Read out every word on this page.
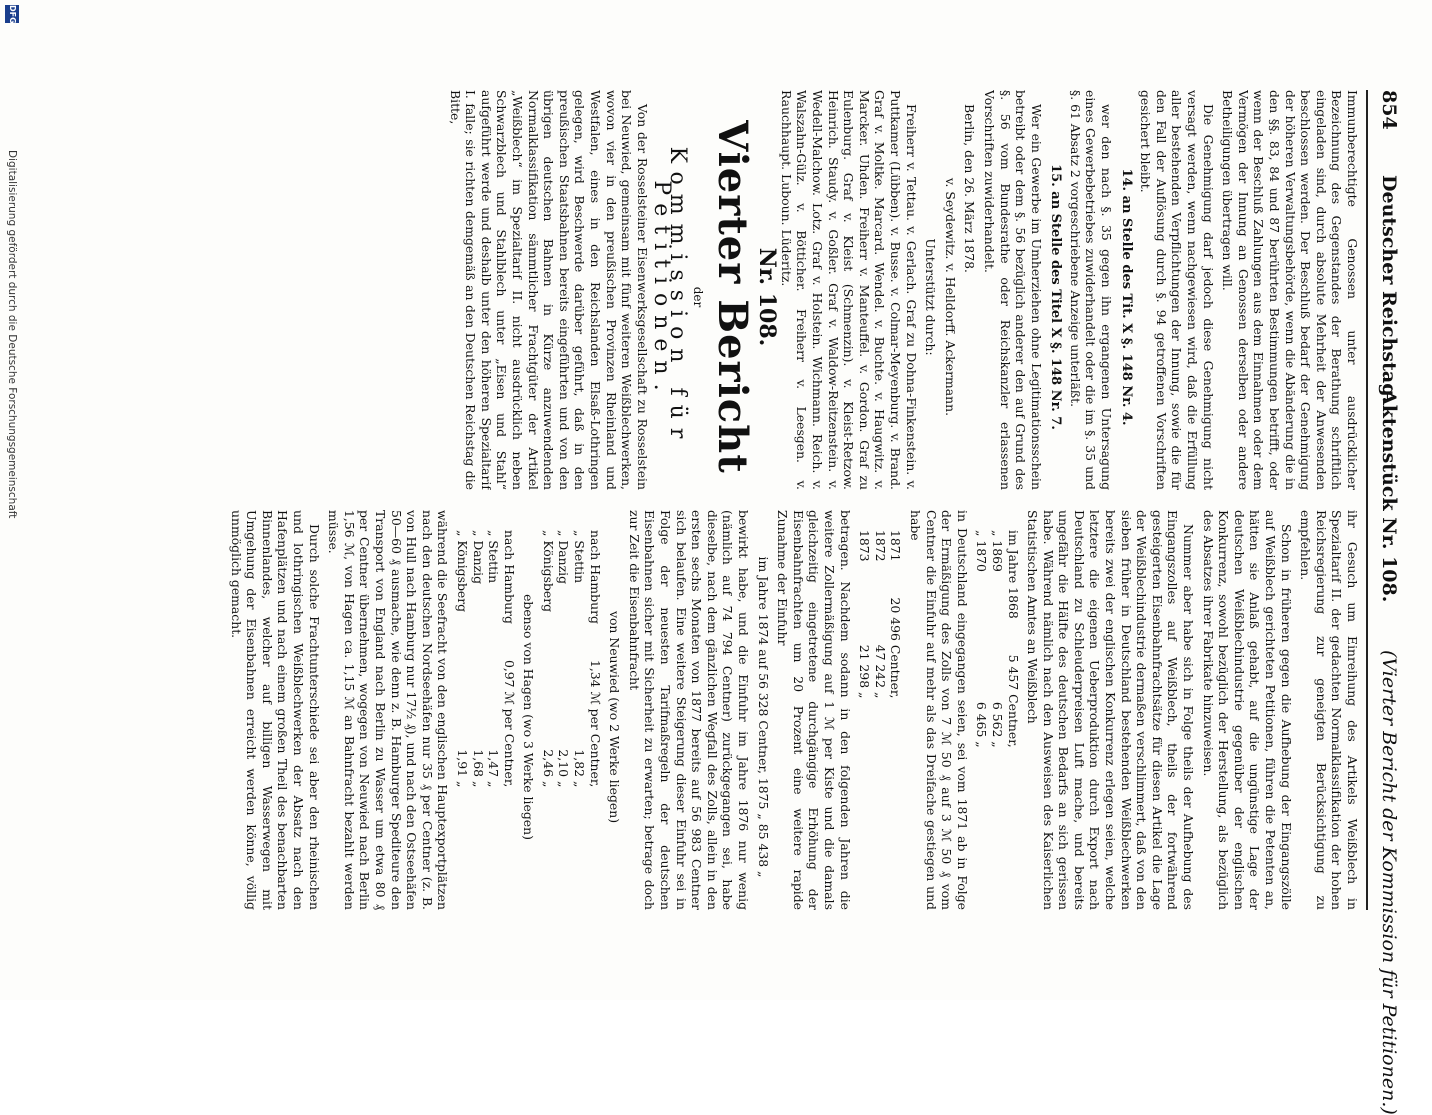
854
Deutscher Reichstag.
Aktenstück Nr. 108.
(Vierter Bericht der Kommission für Petitionen.)

Immunberechtigte Genossen unter ausdrücklicher Bezeichnung des Gegenstandes der Berathung schriftlich eingeladen sind, durch absolute Mehrheit der Anwesenden beschlossen werden. Der Beschluß bedarf der Genehmigung der höheren Verwaltungsbehörde, wenn die Abänderung die in den §§. 83, 84 und 87 berührten Bestimmungen betrifft, oder wenn der Beschluß Zahlungen aus dem Einnahmen oder dem Vermögen der Innung an Genossen derselben oder andere Betheiligungen übertragen will.

Die Genehmigung darf jedoch diese Genehmigung nicht versagt werden, wenn nachgewiesen wird, daß die Erfüllung aller bestehenden Verpflichtungen der Innung, sowie die für den Fall der Auflösung durch §. 94 getroffenen Vorschriften gesichert bleibt.

14. an Stelle des Tit. X §. 148 Nr. 4.

wer den nach §. 35 gegen ihn ergangenen Untersagung eines Gewerbebetriebes zuwiderhandelt oder die im §. 35 und §. 61 Absatz 2 vorgeschriebene Anzeige unterläßt.

15. an Stelle des Titel X §. 148 Nr. 7.

Wer ein Gewerbe im Umherziehen ohne Legitimationsschein betreibt oder dem §. 56 bezüglich anderer den auf Grund des §. 56 vom Bundesrathe oder Reichskanzler erlassenen Vorschriften zuwiderhandelt.

Berlin, den 26. März 1878.

v. Seydewitz. v. Helldorff. Ackermann.

Unterstützt durch:

Freiherr v. Tettau. v. Gerlach. Graf zu Dohna-Finkenstein. v. Puttkamer (Lübben). v. Busse. v. Colmar-Meyenburg. v. Brand. Graf v. Moltke. Marcard. Wendel. v. Buchte. v. Haugwitz. v. Marcker. Uhden. Freiherr v. Manteuffel. v. Gordon. Graf zu Eulenburg. Graf v. Kleist (Schmenzin). v. Kleist-Retzow. Heinrich. Staudy. v. Goßler. Graf v. Waldow-Reitzenstein. v. Wedell-Malchow. Lotz. Graf v. Holstein. Wichmann. Reich. v. Walszahn-Gülz. v. Bötticher. Freiherr v. Leesgen. v. Rauchhaupt. Luboun. Lüderitz.

Nr. 108.

Vierter Bericht

der

Kommission für Petitionen.

Von der Rosselsteiner Eisenwerksgesellschaft zu Rosselstein bei Neuwied, gemeinsam mit fünf weiteren Weißblechwerken, wovon vier in den preußischen Provinzen Rheinland und Westfalen, eines in den Reichslanden Elsaß-Lothringen gelegen, wird Beschwerde darüber geführt, daß in den preußischen Staatsbahnen bereits eingeführten und von den übrigen deutschen Bahnen in Kürze anzuwendenden Normalklassifikation sämmtlicher Frachtgüter der Artikel „Weißblech“ im Spezialtarif II. nicht ausdrücklich neben Schwarzblech und Stahlblech unter „Eisen und Stahl“ aufgeführt werde und deshalb unter den höheren Spezialtarif I. falle; sie richten demgemäß an den Deutschen Reichstag die Bitte,

ihr Gesuch um Einreihung des Artikels Weißblech in Spezialtarif II. der gedachten Normalklassifikation der hohen Reichsregierung zur geneigten Berücksichtigung zu empfehlen.

Schon in früheren gegen die Aufhebung der Eingangszölle auf Weißblech gerichteten Petitionen, führen die Petenten an, hätten sie Anlaß gehabt, auf die ungünstige Lage der deutschen Weißblechindustrie gegenüber der englischen Konkurrenz, sowohl bezüglich der Herstellung, als bezüglich des Absatzes ihrer Fabrikate hinzuweisen.

Nummer aber habe sich in Folge theils der Aufhebung des Eingangszolles auf Weißblech, theils der fortwährend gesteigerten Eisenbahnfrachtsätze für diesen Artikel die Lage der Weißblechindustrie dermaßen verschlimmert, daß von den sieben früher in Deutschland bestehenden Weißblechwerken bereits zwei der englischen Konkurrenz erlegen seien, welche letztere die eigenen Ueberproduktion durch Export nach Deutschland zu Schleuderpreisen Luft mache, und bereits ungefähr die Hälfte des deutschen Bedarfs an sich gerissen habe. Während nämlich nach den Ausweisen des Kaiserlichen Statistischen Amtes an Weißblech

im Jahre 1868	5 457 Centner,
„ 1869	6 562 „
„ 1870	6 465 „

in Deutschland eingegangen seien, sei vom 1871 ab in Folge der Ermäßigung des Zolls von 7 ℳ 50 ₰ auf 3 ℳ 50 ₰ vom Centner die Einfuhr auf mehr als das Dreifache gestiegen und habe

1871	20 496 Centner,
1872	47 242 „
1873	21 298 „

betragen. Nachdem sodann in den folgenden Jahren die weitere Zollermäßigung auf 1 ℳ per Kiste und die damals gleichzeitig eingetretene durchgängige Erhöhung der Eisenbahnfrachten um 20 Prozent eine weitere rapide Zunahme der Einfuhr

im Jahre 1874 auf 56 328 Centner, 1875 „ 85 438 „

bewirkt habe, und die Einfuhr im Jahre 1876 nur wenig (nämlich auf 74 794 Centner) zurückgegangen sei, habe dieselbe, nach dem gänzlichen Wegfall des Zolls, allein in den ersten sechs Monaten von 1877 bereits auf 56 983 Centner sich belaufen. Eine weitere Steigerung dieser Einfuhr sei in Folge der neuesten Tarifmaßregeln der deutschen Eisenbahnen sicher mit Sicherheit zu erwarten; betrage doch zur Zeit die Eisenbahnfracht

von Neuwied (wo 2 Werke liegen)

nach Hamburg	1,34 ℳ per Centner,
„ Stettin	1,82 „
„ Danzig	2,10 „
„ Königsberg	2,46 „

ebenso von Hagen (wo 3 Werke liegen)

nach Hamburg	0,97 ℳ per Centner,
„ Stettin	1,47 „
„ Danzig	1,68 „
„ Königsberg	1,91 „

während die Seefracht von den englischen Hauptexportplätzen nach den deutschen Nordseehäfen nur 35 ₰ per Centner (z. B. von Hull nach Hamburg nur 17½ ₰), und nach den Ostseehäfen 50—60 ₰ ausmache, wie denn z. B. Hamburger Spediteure den Transport von England nach Berlin zu Wasser um etwa 80 ₰ per Centner übernehmen, wogegen von Neuwied nach Berlin 1,56 ℳ, von Hagen ca. 1,15 ℳ an Bahnfracht bezahlt werden müsse.

Durch solche Frachtunterschiede sei aber den rheinischen und lothringischen Weißblechwerken der Absatz nach den Hafenplätzen und nach einem großen Theil des benachbarten Binnenlandes, welcher auf billigen Wasserwegen mit Umgehung der Eisenbahnen erreicht werden könne, völlig unmöglich gemacht.

DFG
Digitalisierung gefördert durch die Deutsche Forschungsgemeinschaft
